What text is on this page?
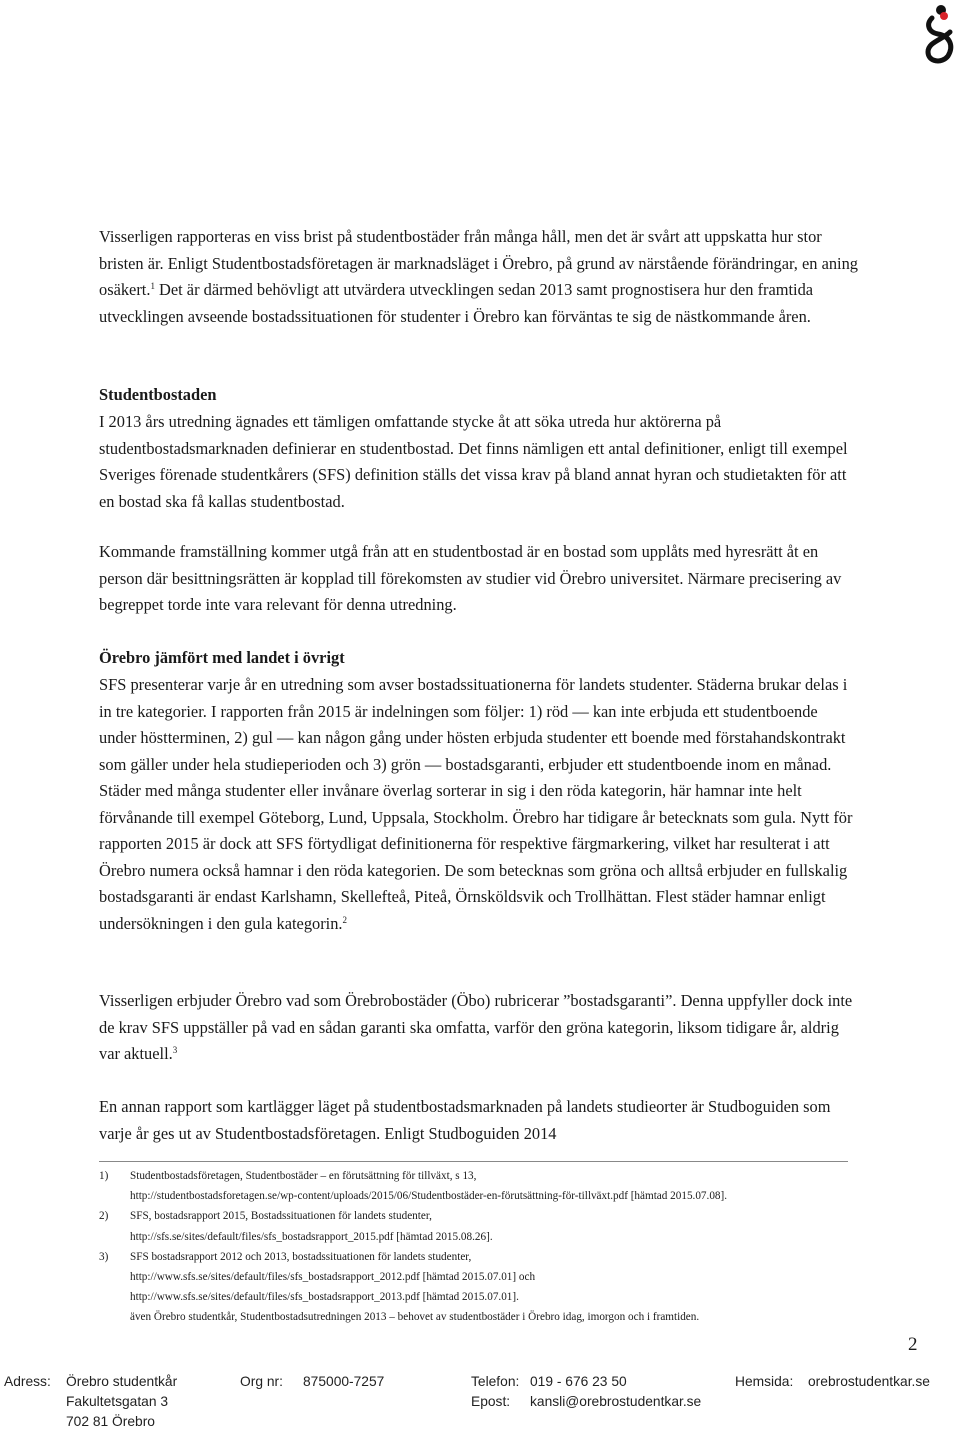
Visserligen rapporteras en viss brist på studentbostäder från många håll, men det är svårt att uppskatta hur stor bristen är. Enligt Studentbostadsföretagen är marknadsläget i Örebro, på grund av närstående förändringar, en aning osäkert.$^1$ Det är därmed behövligt att utvärdera utvecklingen sedan 2013 samt prognostisera hur den framtida utvecklingen avseende bostadssituationen för studenter i Örebro kan förväntas te sig de nästkommande åren.

Studentbostaden

I 2013 års utredning ägnades ett tämligen omfattande stycke åt att söka utreda hur aktörerna på studentbostadsmarknaden definierar en studentbostad. Det finns nämligen ett antal definitioner, enligt till exempel Sveriges förenade studentkårers (SFS) definition ställs det vissa krav på bland annat hyran och studietakten för att en bostad ska få kallas studentbostad.

Kommande framställning kommer utgå från att en studentbostad är en bostad som upplåts med hyresrätt åt en person där besittningsrätten är kopplad till förekomsten av studier vid Örebro universitet. Närmare precisering av begreppet torde inte vara relevant för denna utredning.

Örebro jämfört med landet i övrigt

SFS presenterar varje år en utredning som avser bostadssituationerna för landets studenter. Städerna brukar delas i in tre kategorier. I rapporten från 2015 är indelningen som följer: 1) röd — kan inte erbjuda ett studentboende under höstterminen, 2) gul — kan någon gång under hösten erbjuda studenter ett boende med förstahandskontrakt som gäller under hela studieperioden och 3) grön — bostadsgaranti, erbjuder ett studentboende inom en månad. Städer med många studenter eller invånare överlag sorterar in sig i den röda kategorin, här hamnar inte helt förvånande till exempel Göteborg, Lund, Uppsala, Stockholm. Örebro har tidigare år betecknats som gula. Nytt för rapporten 2015 är dock att SFS förtydligat definitionerna för respektive färgmarkering, vilket har resulterat i att Örebro numera också hamnar i den röda kategorien. De som betecknas som gröna och alltså erbjuder en fullskalig bostadsgaranti är endast Karlshamn, Skellefteå, Piteå, Örnsköldsvik och Trollhättan. Flest städer hamnar enligt undersökningen i den gula kategorin.$^2$

Visserligen erbjuder Örebro vad som Örebrobostäder (Öbo) rubricerar ”bostadsgaranti”. Denna uppfyller dock inte de krav SFS uppställer på vad en sådan garanti ska omfatta, varför den gröna kategorin, liksom tidigare år, aldrig var aktuell.$^3$

En annan rapport som kartlägger läget på studentbostadsmarknaden på landets studieorter är Studboguiden som varje år ges ut av Studentbostadsföretagen. Enligt Studboguiden 2014

1) Studentbostadsföretagen, Studentbostäder – en förutsättning för tillväxt, s 13,
http://studentbostadsforetagen.se/wp-content/uploads/2015/06/Studentbostäder-en-förutsättning-för-tillväxt.pdf [hämtad 2015.07.08].
2) SFS, bostadsrapport 2015, Bostadssituationen för landets studenter,
http://sfs.se/sites/default/files/sfs_bostadsrapport_2015.pdf [hämtad 2015.08.26].
3) SFS bostadsrapport 2012 och 2013, bostadssituationen för landets studenter,
http://www.sfs.se/sites/default/files/sfs_bostadsrapport_2012.pdf [hämtad 2015.07.01] och
http://www.sfs.se/sites/default/files/sfs_bostadsrapport_2013.pdf [hämtad 2015.07.01].
även Örebro studentkår, Studentbostadsutredningen 2013 – behovet av studentbostäder i Örebro idag, imorgon och i framtiden.
2
Adress: Örebro studentkår
Fakultetsgatan 3
702 81 Örebro
Org nr: 875000-7257	Telefon: 019 - 676 23 50
Epost: kansli@orebrostudentkar.se
Hemsida: orebrostudentkar.se
